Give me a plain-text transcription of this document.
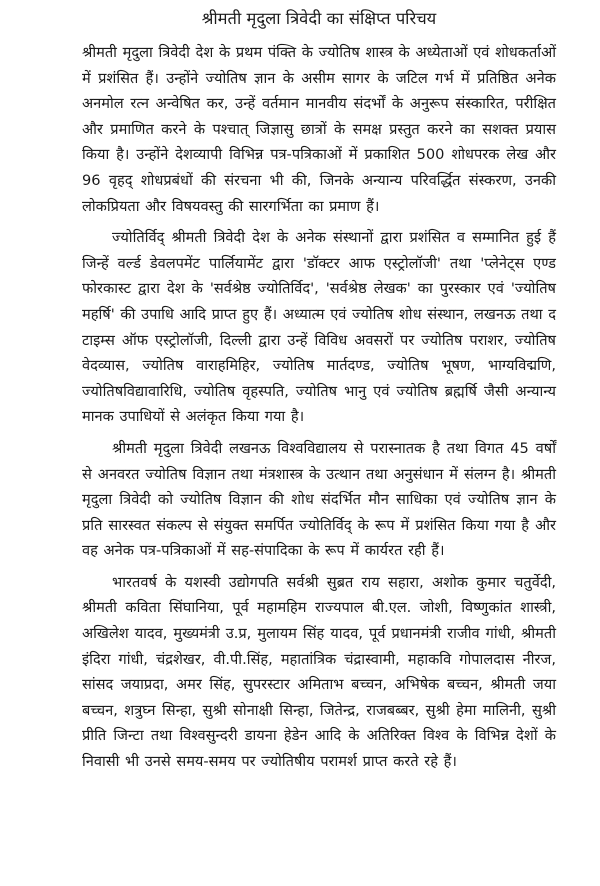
श्रीमती मृदुला त्रिवेदी का संक्षिप्त परिचय

श्रीमती मृदुला त्रिवेदी देश के प्रथम पंक्ति के ज्योतिष शास्त्र के अध्येताओं एवं शोधकर्ताओं में प्रशंसित हैं। उन्होंने ज्योतिष ज्ञान के असीम सागर के जटिल गर्भ में प्रतिष्ठित अनेक अनमोल रत्न अन्वेषित कर, उन्हें वर्तमान मानवीय संदर्भों के अनुरूप संस्कारित, परीक्षित और प्रमाणित करने के पश्चात् जिज्ञासु छात्रों के समक्ष प्रस्तुत करने का सशक्त प्रयास किया है। उन्होंने देशव्यापी विभिन्न पत्र-पत्रिकाओं में प्रकाशित 500 शोधपरक लेख और 96 वृहद् शोधप्रबंधों की संरचना भी की, जिनके अन्यान्य परिवर्द्धित संस्करण, उनकी लोकप्रियता और विषयवस्तु की सारगर्भिता का प्रमाण हैं।

ज्योतिर्विद् श्रीमती त्रिवेदी देश के अनेक संस्थानों द्वारा प्रशंसित व सम्मानित हुई हैं जिन्हें वर्ल्ड डेवलपमेंट पार्लियामेंट द्वारा 'डॉक्टर आफ एस्ट्रोलॉजी' तथा 'प्लेनेट्स एण्ड फोरकास्ट द्वारा देश के 'सर्वश्रेष्ठ ज्योतिर्विद', 'सर्वश्रेष्ठ लेखक' का पुरस्कार एवं 'ज्योतिष महर्षि' की उपाधि आदि प्राप्त हुए हैं। अध्यात्म एवं ज्योतिष शोध संस्थान, लखनऊ तथा द टाइम्स ऑफ एस्ट्रोलॉजी, दिल्ली द्वारा उन्हें विविध अवसरों पर ज्योतिष पराशर, ज्योतिष वेदव्यास, ज्योतिष वाराहमिहिर, ज्योतिष मार्तदण्ड, ज्योतिष भूषण, भाग्यविद्मणि, ज्योतिषविद्यावारिधि, ज्योतिष वृहस्पति, ज्योतिष भानु एवं ज्योतिष ब्रह्मर्षि जैसी अन्यान्य मानक उपाधियों से अलंकृत किया गया है।

श्रीमती मृदुला त्रिवेदी लखनऊ विश्वविद्यालय से परास्नातक है तथा विगत 45 वर्षों से अनवरत ज्योतिष विज्ञान तथा मंत्रशास्त्र के उत्थान तथा अनुसंधान में संलग्न है। श्रीमती मृदुला त्रिवेदी को ज्योतिष विज्ञान की शोध संदर्भित मौन साधिका एवं ज्योतिष ज्ञान के प्रति सारस्वत संकल्प से संयुक्त समर्पित ज्योतिर्विद् के रूप में प्रशंसित किया गया है और वह अनेक पत्र-पत्रिकाओं में सह-संपादिका के रूप में कार्यरत रही हैं।

भारतवर्ष के यशस्वी उद्योगपति सर्वश्री सुब्रत राय सहारा, अशोक कुमार चतुर्वेदी, श्रीमती कविता सिंघानिया, पूर्व महामहिम राज्यपाल बी.एल. जोशी, विष्णुकांत शास्त्री, अखिलेश यादव, मुख्यमंत्री उ.प्र, मुलायम सिंह यादव, पूर्व प्रधानमंत्री राजीव गांधी, श्रीमती इंदिरा गांधी, चंद्रशेखर, वी.पी.सिंह, महातांत्रिक चंद्रास्वामी, महाकवि गोपालदास नीरज, सांसद जयाप्रदा, अमर सिंह, सुपरस्टार अमिताभ बच्चन, अभिषेक बच्चन, श्रीमती जया बच्चन, शत्रुघ्न सिन्हा, सुश्री सोनाक्षी सिन्हा, जितेन्द्र, राजबब्बर, सुश्री हेमा मालिनी, सुश्री प्रीति जिन्टा तथा विश्वसुन्दरी डायना हेडेन आदि के अतिरिक्त विश्व के विभिन्न देशों के निवासी भी उनसे समय-समय पर ज्योतिषीय परामर्श प्राप्त करते रहे हैं।
